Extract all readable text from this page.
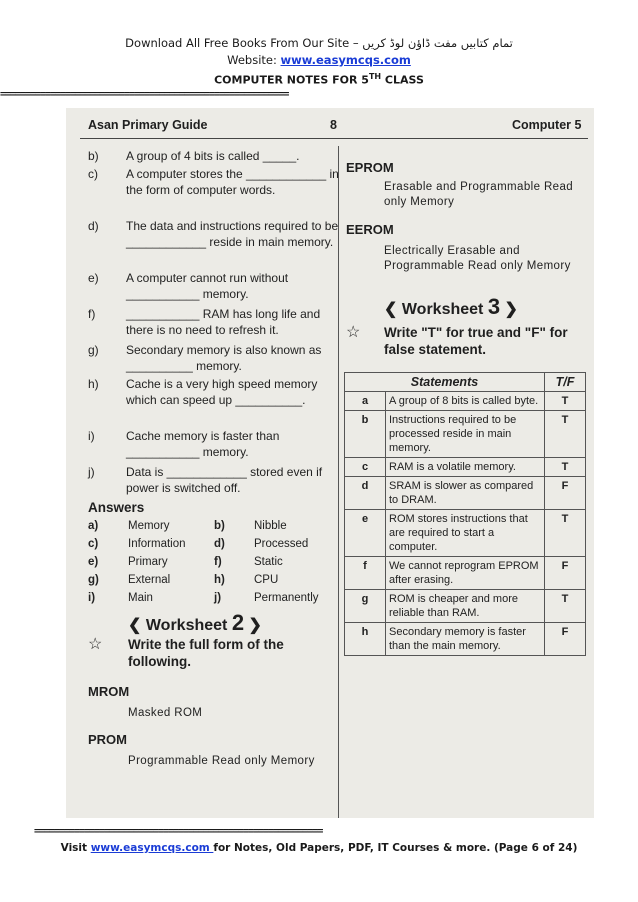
Download All Free Books From Our Site – تمام کتابیں مفت ڈاؤن لوڈ کریں
Website: www.easymcqs.com
COMPUTER NOTES FOR 5TH CLASS
==========================================================
Asan Primary Guide	8	Computer 5
b)	A group of 4 bits is called _____.
c)	A computer stores the ____________ in the form of computer words.
d)	The data and instructions required to be ____________ reside in main memory.
e)	A computer cannot run without ___________ memory.
f)	___________ RAM has long life and there is no need to refresh it.
g)	Secondary memory is also known as __________ memory.
h)	Cache is a very high speed memory which can speed up __________.
i)	Cache memory is faster than ___________ memory.
j)	Data is ____________ stored even if power is switched off.
Answers
a)	Memory	b)	Nibble
c)	Information d)	Processed
e)	Primary	f)	Static
g)	External	h)	CPU
i)	Main	j)	Permanently
❮ Worksheet 2 ❯
☆ Write the full form of the following.
MROM
Masked ROM
PROM
Programmable Read only Memory
EPROM
Erasable and Programmable Read only Memory
EEROM
Electrically Erasable and Programmable Read only Memory
❮ Worksheet 3 ❯
☆ Write "T" for true and "F" for false statement.
Statements		T/F
a	A group of 8 bits is called byte.	T
b	Instructions required to be processed reside in main memory.	T
c	RAM is a volatile memory.	T
d	SRAM is slower as compared to DRAM.	F
e	ROM stores instructions that are required to start a computer.	T
f	We cannot reprogram EPROM after erasing.	F
g	ROM is cheaper and more reliable than RAM.	T
h	Secondary memory is faster than the main memory.	F
==========================================================
Visit www.easymcqs.com for Notes, Old Papers, PDF, IT Courses & more. (Page 6 of 24)
